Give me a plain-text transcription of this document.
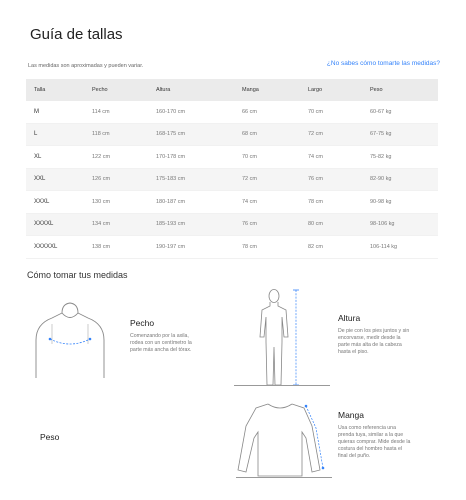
Guía de tallas
Las medidas son aproximadas y pueden variar.	¿No sabes cómo tomarte las medidas?
Talla	Pecho	Altura	Manga	Largo	Peso
M	114 cm	160-170 cm	66 cm	70 cm	60-67 kg
L	118 cm	168-175 cm	68 cm	72 cm	67-75 kg
XL	122 cm	170-178 cm	70 cm	74 cm	75-82 kg
XXL	126 cm	175-183 cm	72 cm	76 cm	82-90 kg
XXXL	130 cm	180-187 cm	74 cm	78 cm	90-98 kg
XXXXL	134 cm	185-193 cm	76 cm	80 cm	98-106 kg
XXXXXL	138 cm	190-197 cm	78 cm	82 cm	106-114 kg
Cómo tomar tus medidas
Pecho
Comenzando por la axila,
rodea con un centímetro la
parte más ancha del tórax.
Altura
De pie con los pies juntos y sin
encorvarse, medir desde la
parte más alta de la cabeza
hasta el piso.
Peso
Manga
Usa como referencia una
prenda tuya, similar a la que
quieras comprar. Mide desde la
costura del hombro hasta el
final del puño.
